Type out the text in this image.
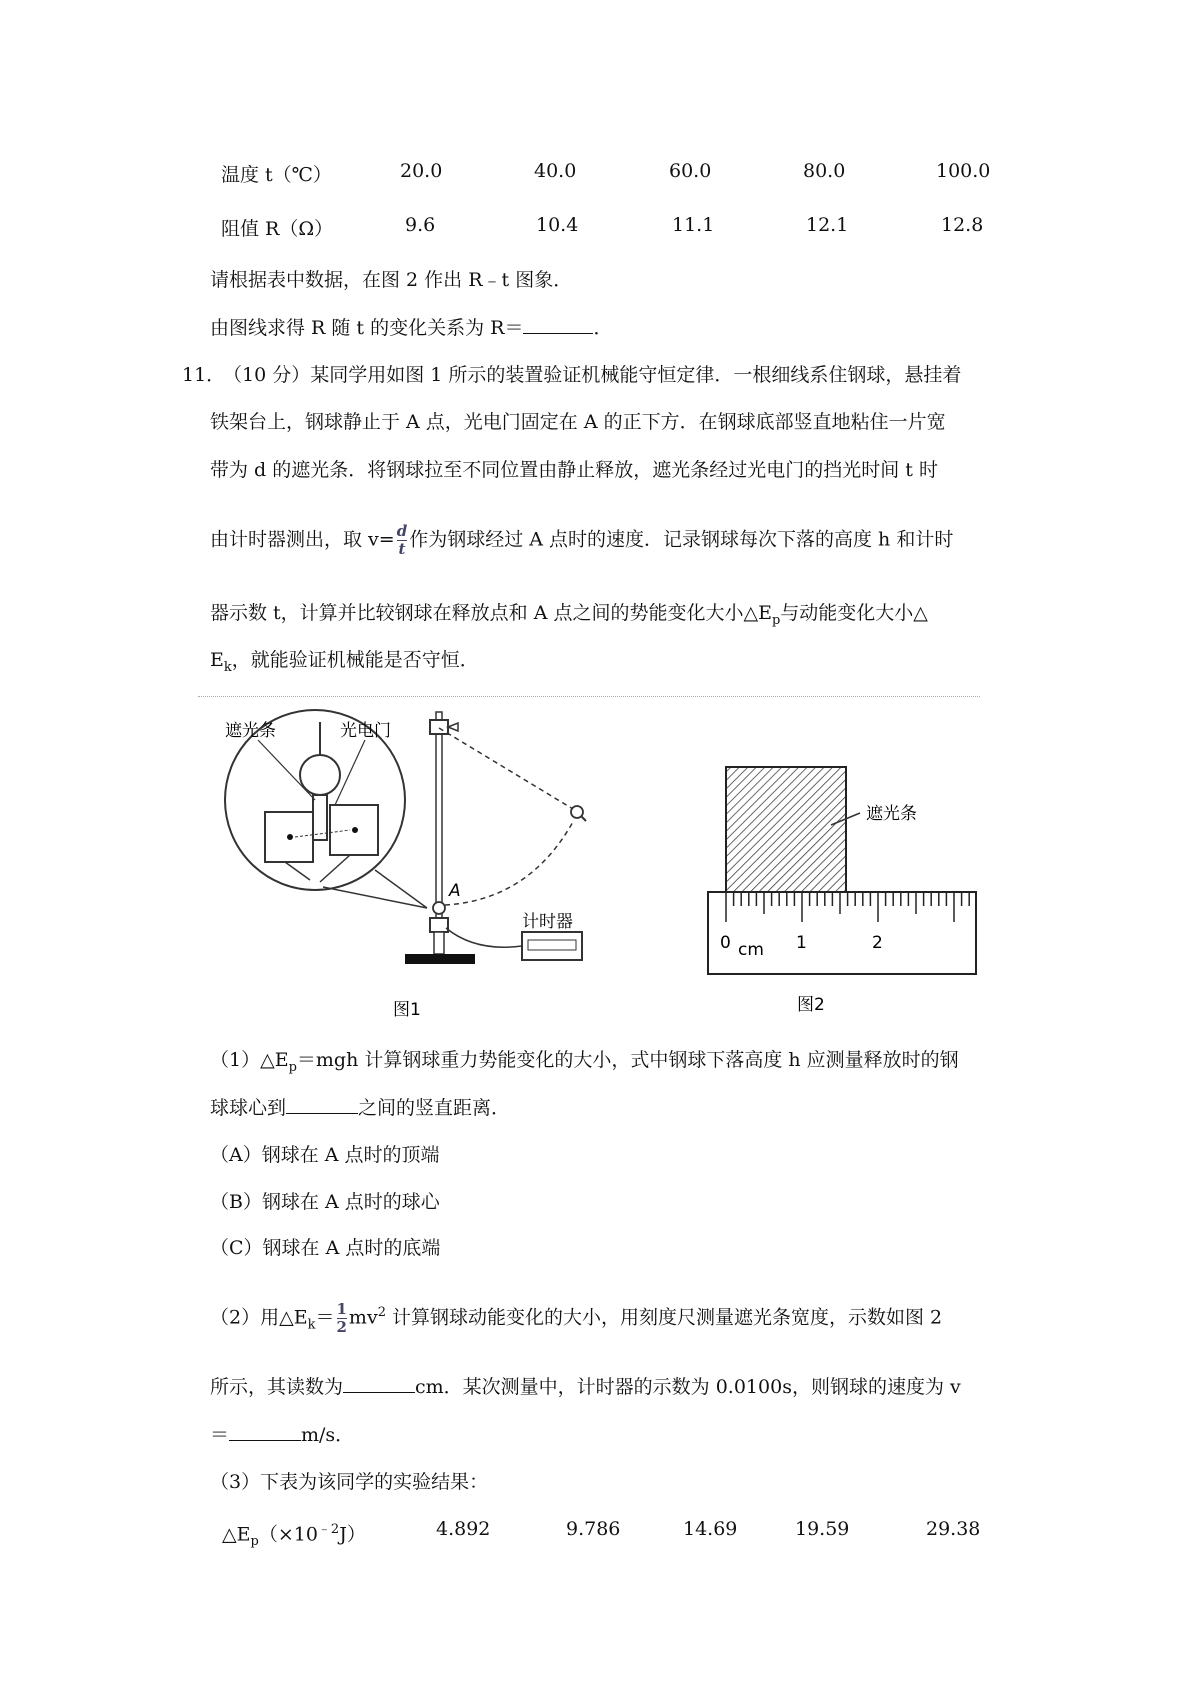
温度 t（℃）	20.0	40.0	60.0	80.0	100.0
阻值 R（Ω）	9.6	10.4	11.1	12.1	12.8
请根据表中数据，在图 2 作出 R﹣t 图象．
由图线求得 R 随 t 的变化关系为 R＝	．
11．
（10 分）某同学用如图 1 所示的装置验证机械能守恒定律．一根细线系住钢球，悬挂着
铁架台上，钢球静止于 A 点，光电门固定在 A 的正下方．在钢球底部竖直地粘住一片宽
带为 d 的遮光条．将钢球拉至不同位置由静止释放，遮光条经过光电门的挡光时间 t 时
由计时器测出，取 $v= \frac{d}{t}$ 作为钢球经过 A 点时的速度．记录钢球每次下落的高度 h 和计时
器示数 t，计算并比较钢球在释放点和 A 点之间的势能变化大小$\triangle E_p$与动能变化大小△
$E_k$，就能验证机械能是否守恒．
遮光条	光电门
A
计时器
图1
遮光条
0 cm 1	2
图2
$(1)\triangle E_p=mgh$ 计算钢球重力势能变化的大小，式中钢球下落高度 h 应测量释放时的钢
球球心到	之间的竖直距离．
（A）钢球在 A 点时的顶端
（B）钢球在 A 点时的球心
（C）钢球在 A 点时的底端
（2）用$\triangle E_k= \frac{1}{2} mv^2$ 计算钢球动能变化的大小，用刻度尺测量遮光条宽度，示数如图 2
所示，其读数为	cm．某次测量中，计时器的示数为 0.0100s，则钢球的速度为 v
＝	m/s．
（3）下表为该同学的实验结果：
$\triangle E_p(\times 10^{﹣2}J)$	4.892	9.786	14.69	19.59	29.38
